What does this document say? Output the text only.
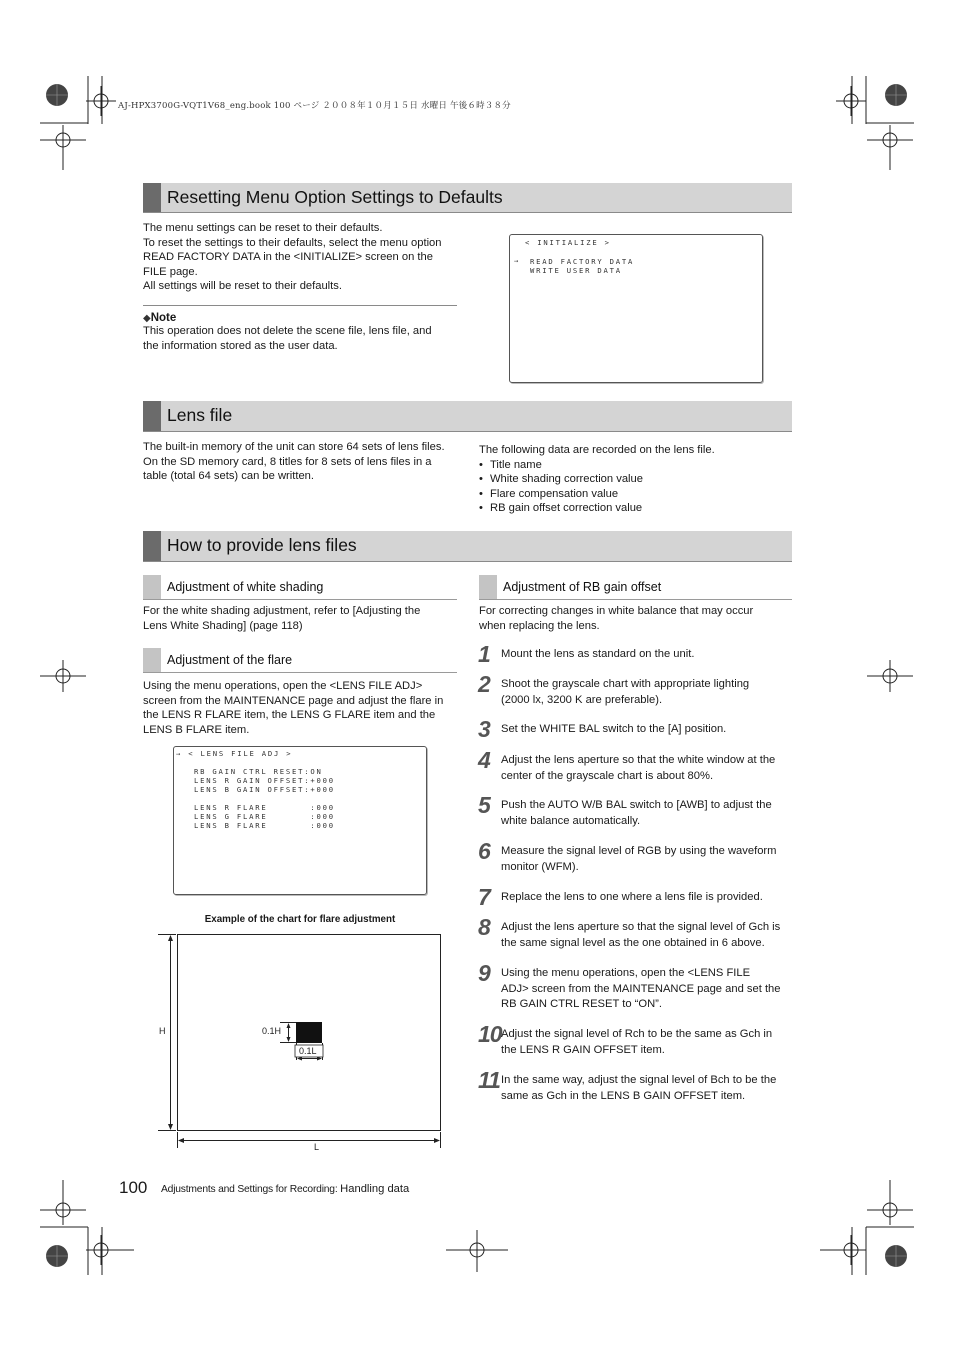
AJ-HPX3700G-VQT1V68_eng.book 100 ページ ２００８年１０月１５日 水曜日 午後６時３８分
Resetting Menu Option Settings to Defaults

The menu settings can be reset to their defaults.

To reset the settings to their defaults, select the menu option

READ FACTORY DATA in the <INITIALIZE> screen on the

FILE page.

All settings will be reset to their defaults.

◆Note

This operation does not delete the scene file, lens file, and

the information stored as the user data.

< INITIALIZE >
→ READ FACTORY DATA
WRITE USER DATA
Lens file

The built-in memory of the unit can store 64 sets of lens files.

On the SD memory card, 8 titles for 8 sets of lens files in a

table (total 64 sets) can be written.

The following data are recorded on the lens file.

• Title name
• White shading correction value
• Flare compensation value
• RB gain offset correction value
How to provide lens files
Adjustment of white shading

For the white shading adjustment, refer to [Adjusting the

Lens White Shading] (page 118)

Adjustment of the flare

Using the menu operations, open the <LENS FILE ADJ>

screen from the MAINTENANCE page and adjust the flare in

the LENS R FLARE item, the LENS G FLARE item and the

LENS B FLARE item.

→ < LENS FILE ADJ >
RB GAIN CTRL RESET:ON
LENS R GAIN OFFSET:+000
LENS B GAIN OFFSET:+000
LENS R FLARE       :000
LENS G FLARE       :000
LENS B FLARE       :000
Example of the chart for flare adjustment
H
L
0.1H
0.1L
Adjustment of RB gain offset

For correcting changes in white balance that may occur

when replacing the lens.

1 Mount the lens as standard on the unit.
2 Shoot the grayscale chart with appropriate lighting
(2000 lx, 3200 K are preferable).
3 Set the WHITE BAL switch to the [A] position.
4 Adjust the lens aperture so that the white window at the
center of the grayscale chart is about 80%.
5 Push the AUTO W/B BAL switch to [AWB] to adjust the
white balance automatically.
6 Measure the signal level of RGB by using the waveform
monitor (WFM).
7 Replace the lens to one where a lens file is provided.
8 Adjust the lens aperture so that the signal level of Gch is
the same signal level as the one obtained in 6 above.
9 Using the menu operations, open the <LENS FILE
ADJ> screen from the MAINTENANCE page and set the
RB GAIN CTRL RESET to “ON”.
10 Adjust the signal level of Rch to be the same as Gch in
the LENS R GAIN OFFSET item.
11 In the same way, adjust the signal level of Bch to be the
same as Gch in the LENS B GAIN OFFSET item.
100 Adjustments and Settings for Recording: Handling data
